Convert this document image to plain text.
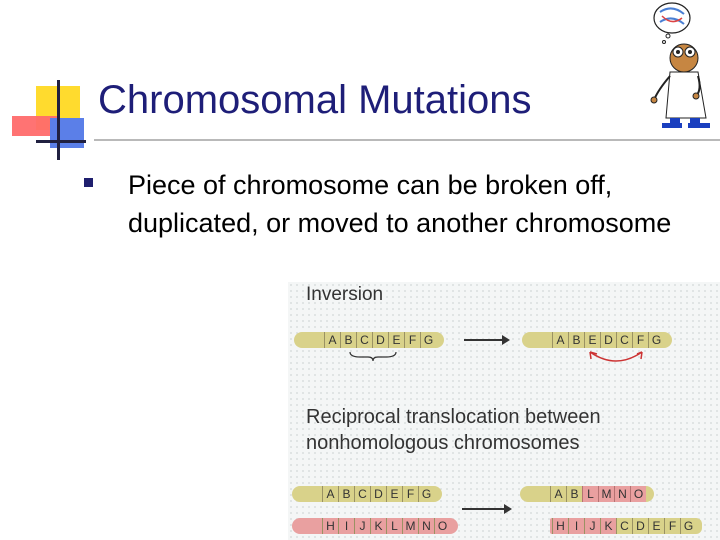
Chromosomal Mutations
Piece of chromosome can be broken off, duplicated, or moved to another chromosome
Inversion
A B C D E F G	A B E D C F G
Reciprocal translocation between
nonhomologous chromosomes
A B C D E F G
H I J K L M N O
A B L M N O
H I J K C D E F G
